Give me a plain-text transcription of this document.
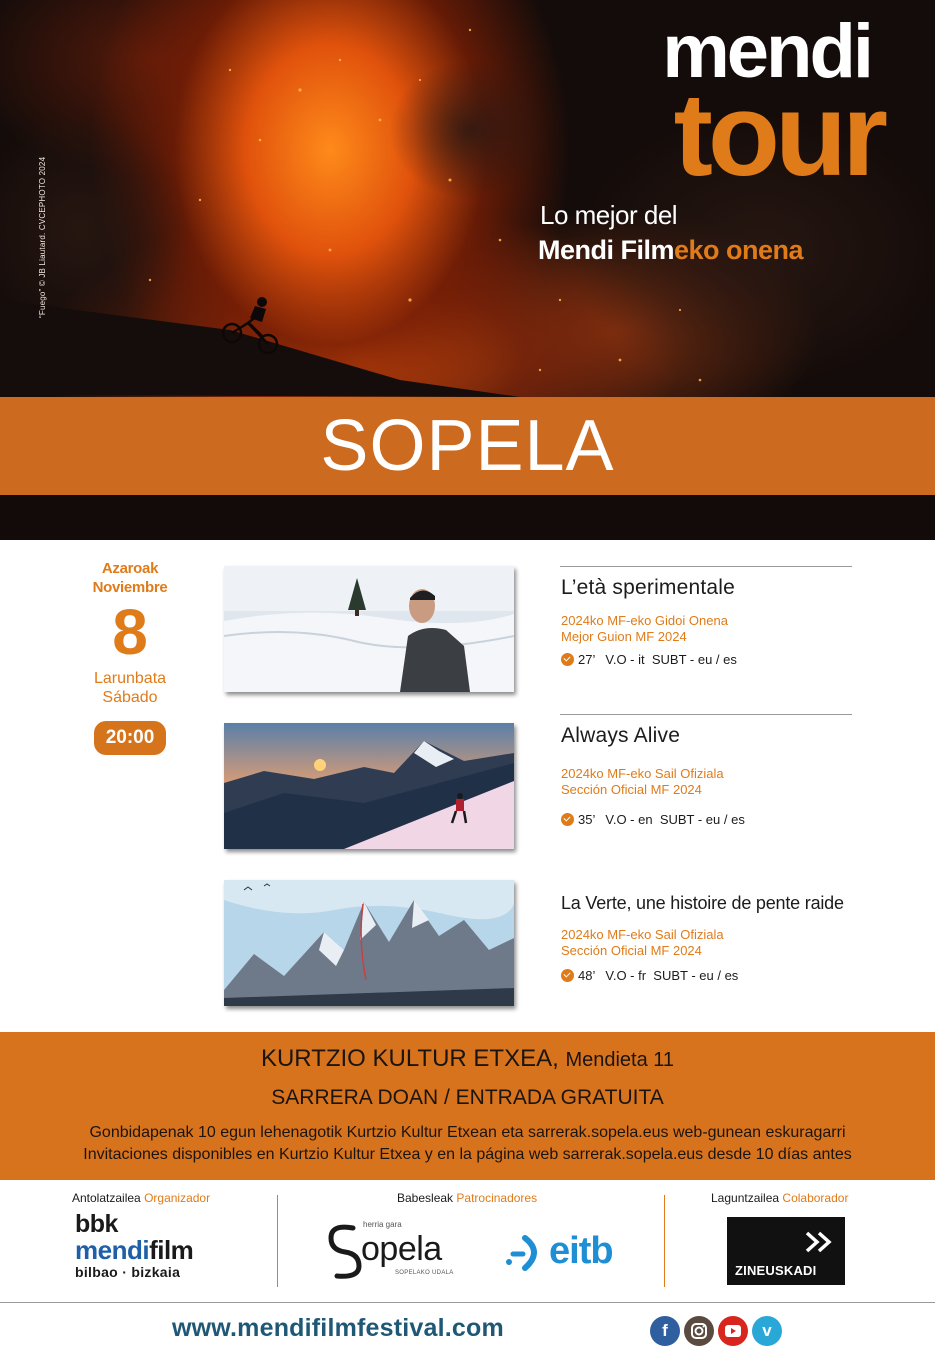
“Fuego” © JB Liautard. CVCEPHOTO 2024
mendi
tour
Lo mejor del
Mendi Filmeko onena
SOPELA
Azaroak
Noviembre
8
Larunbata
Sábado
20:00
L’età sperimentale
2024ko MF-eko Gidoi Onena
Mejor Guion MF 2024
27’ V.O - it SUBT - eu / es
Always Alive
2024ko MF-eko Sail Ofiziala
Sección Oficial MF 2024
35’ V.O - en SUBT - eu / es
La Verte, une histoire de pente raide
2024ko MF-eko Sail Ofiziala
Sección Oficial MF 2024
48’ V.O - fr SUBT - eu / es
KURTZIO KULTUR ETXEA, Mendieta 11
SARRERA DOAN / ENTRADA GRATUITA
Gonbidapenak 10 egun lehenagotik Kurtzio Kultur Etxean eta sarrerak.sopela.eus web-gunean eskuragarri
Invitaciones disponibles en Kurtzio Kultur Etxea y en la página web sarrerak.sopela.eus desde 10 días antes
Antolatzailea Organizador	Babesleak Patrocinadores	Laguntzailea Colaborador
bbk
mendifilm
bilbao · bizkaia
herria gara
opela
SOPELAKO UDALA
eitb	ZINEUSKADI
www.mendifilmfestival.com	f	v
